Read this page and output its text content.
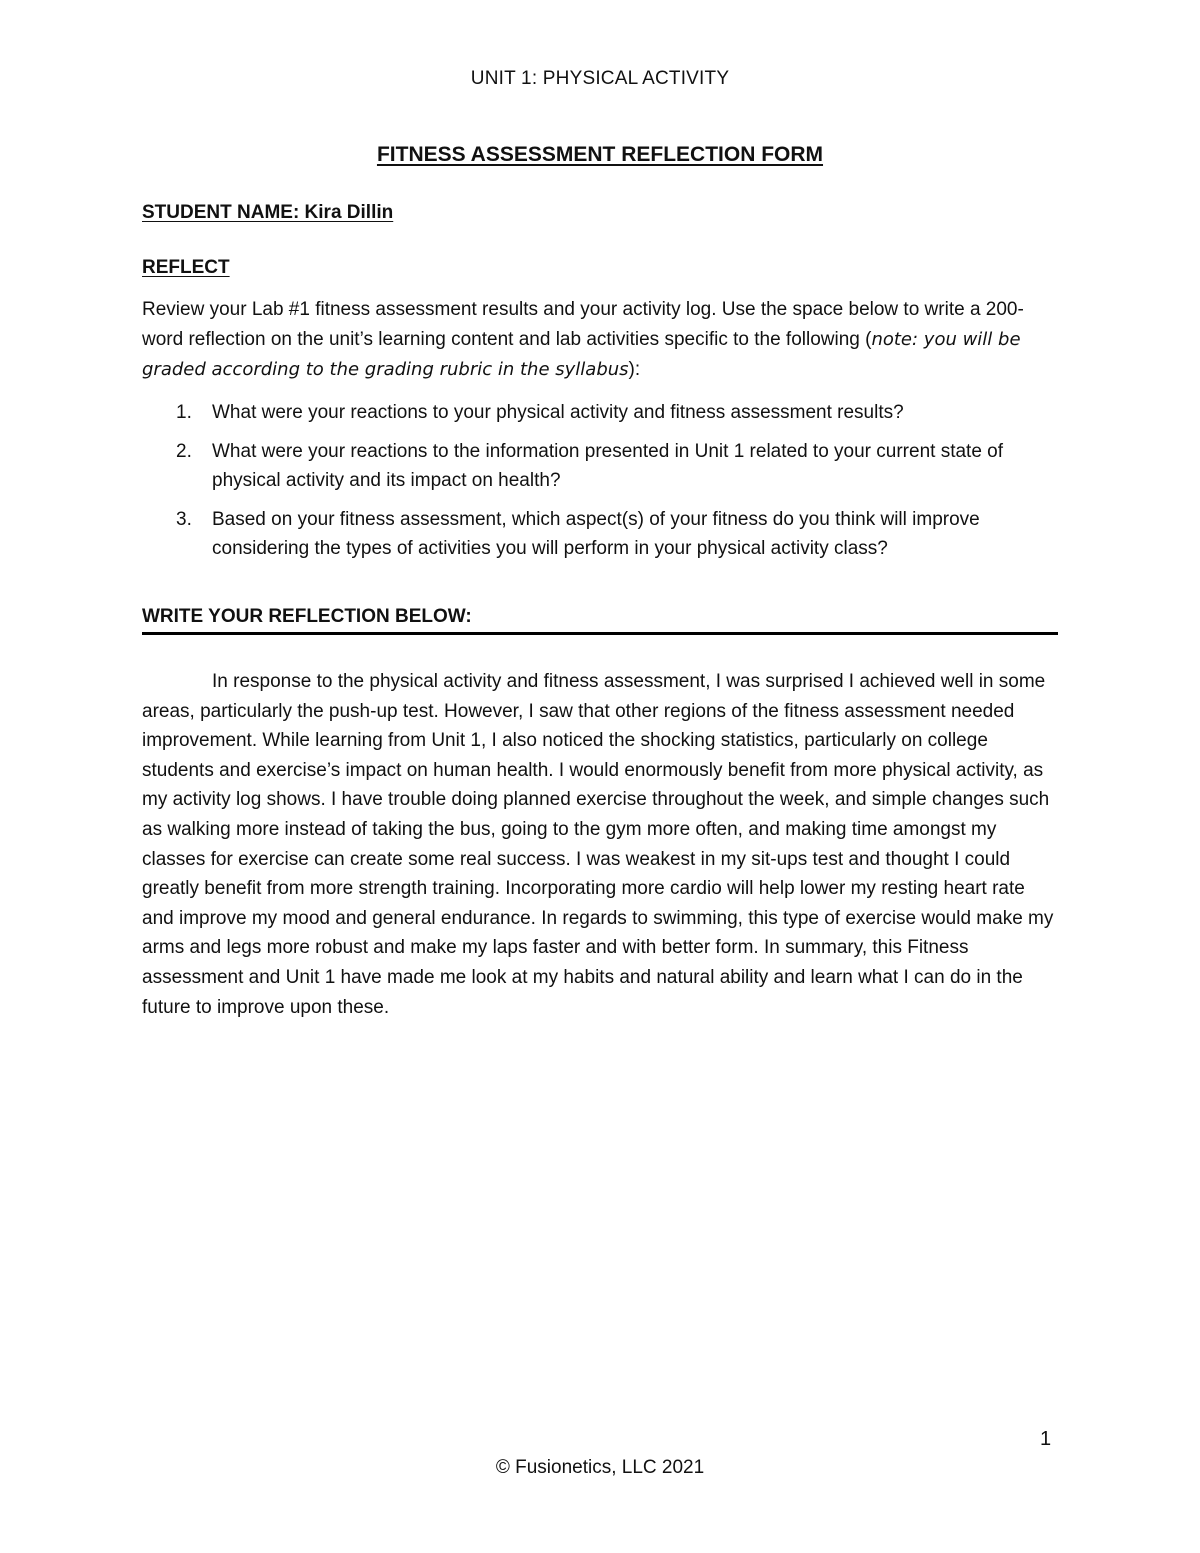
UNIT 1: PHYSICAL ACTIVITY
FITNESS ASSESSMENT REFLECTION FORM
STUDENT NAME: Kira Dillin
REFLECT
Review your Lab #1 fitness assessment results and your activity log. Use the space below to write a 200-word reflection on the unit’s learning content and lab activities specific to the following (note: you will be graded according to the grading rubric in the syllabus):
1. What were your reactions to your physical activity and fitness assessment results?
2. What were your reactions to the information presented in Unit 1 related to your current state of physical activity and its impact on health?
3. Based on your fitness assessment, which aspect(s) of your fitness do you think will improve considering the types of activities you will perform in your physical activity class?
WRITE YOUR REFLECTION BELOW:

In response to the physical activity and fitness assessment, I was surprised I achieved well in some areas, particularly the push-up test. However, I saw that other regions of the fitness assessment needed improvement. While learning from Unit 1, I also noticed the shocking statistics, particularly on college students and exercise’s impact on human health. I would enormously benefit from more physical activity, as my activity log shows. I have trouble doing planned exercise throughout the week, and simple changes such as walking more instead of taking the bus, going to the gym more often, and making time amongst my classes for exercise can create some real success. I was weakest in my sit-ups test and thought I could greatly benefit from more strength training. Incorporating more cardio will help lower my resting heart rate and improve my mood and general endurance. In regards to swimming, this type of exercise would make my arms and legs more robust and make my laps faster and with better form. In summary, this Fitness assessment and Unit 1 have made me look at my habits and natural ability and learn what I can do in the future to improve upon these.

1
© Fusionetics, LLC 2021
